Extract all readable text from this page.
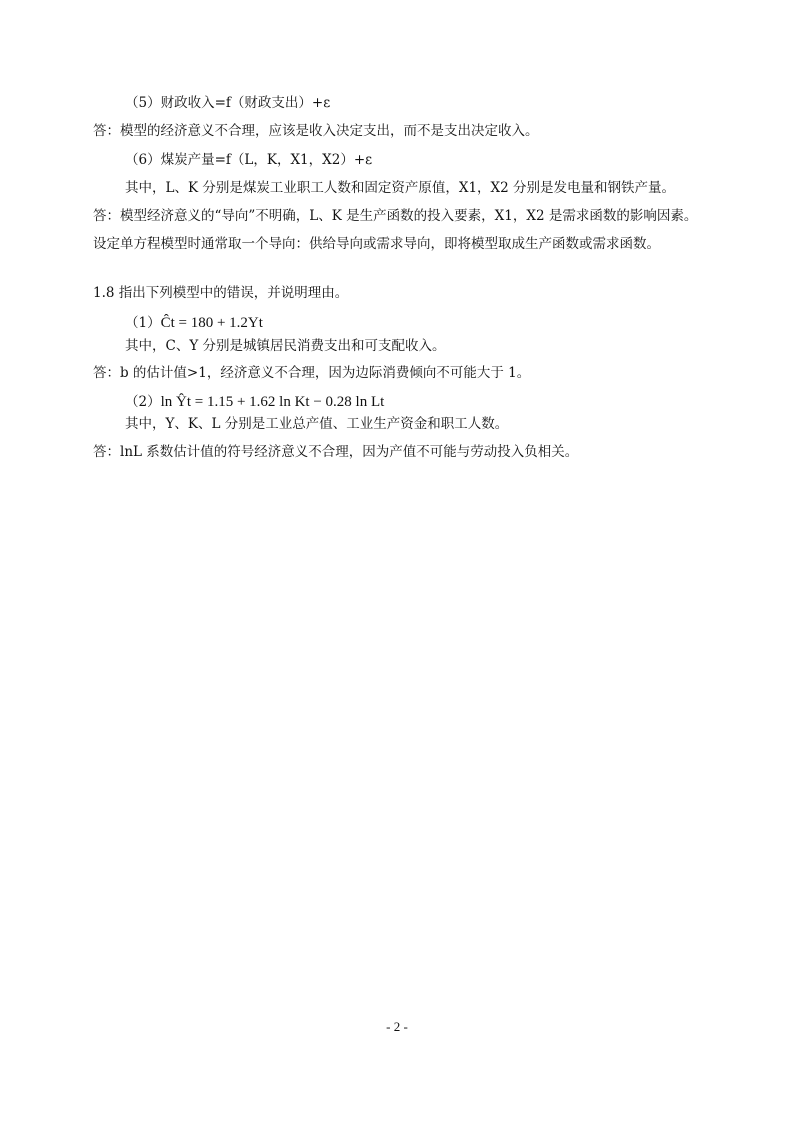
（5）财政收入=f（财政支出）+ε
答：模型的经济意义不合理，应该是收入决定支出，而不是支出决定收入。
（6）煤炭产量=f（L，K，X1，X2）+ε
其中，L、K 分别是煤炭工业职工人数和固定资产原值，X1，X2 分别是发电量和钢铁产量。
答：模型经济意义的“导向”不明确，L、K 是生产函数的投入要素，X1，X2 是需求函数的影响因素。
设定单方程模型时通常取一个导向：供给导向或需求导向，即将模型取成生产函数或需求函数。
1.8 指出下列模型中的错误，并说明理由。
（1）Ĉt = 180 + 1.2Yt
其中，C、Y 分别是城镇居民消费支出和可支配收入。
答：b 的估计值>1，经济意义不合理，因为边际消费倾向不可能大于 1。
（2）ln Ŷt = 1.15 + 1.62 ln Kt − 0.28 ln Lt
其中，Y、K、L 分别是工业总产值、工业生产资金和职工人数。
答：lnL 系数估计值的符号经济意义不合理，因为产值不可能与劳动投入负相关。
- 2 -
